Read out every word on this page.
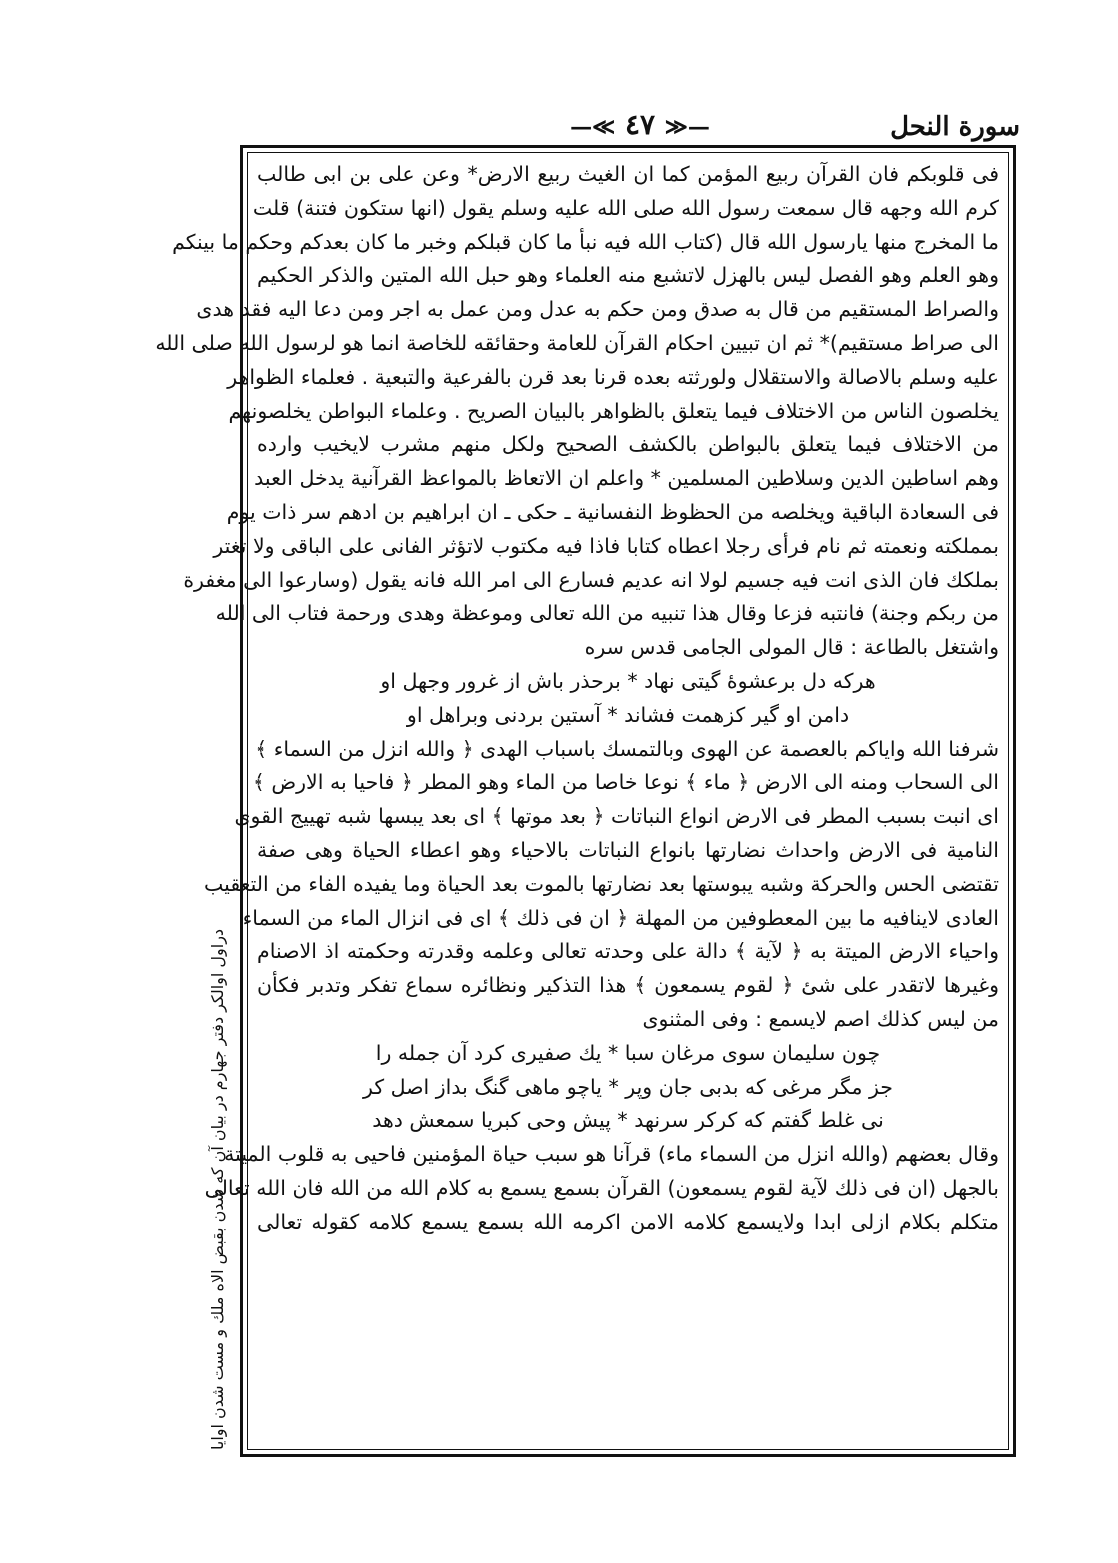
سورة النحل
—≪ ٤٧ ≫—
دراول اوالكر دفتر جهارم در بيان آن كه شدن بقبض الاه ملك و مست شدن اوايا
فى قلوبكم فان القرآن ربيع المؤمن كما ان الغيث ربيع الارض* وعن على بن ابى طالب
كرم الله وجهه قال سمعت رسول الله صلى الله عليه وسلم يقول (انها ستكون فتنة) قلت
ما المخرج منها يارسول الله قال (كتاب الله فيه نبأ ما كان قبلكم وخبر ما كان بعدكم وحكم ما بينكم
وهو العلم وهو الفصل ليس بالهزل لاتشبع منه العلماء وهو حبل الله المتين والذكر الحكيم
والصراط المستقيم من قال به صدق ومن حكم به عدل ومن عمل به اجر ومن دعا اليه فقد هدى
الى صراط مستقيم)* ثم ان تبيين احكام القرآن للعامة وحقائقه للخاصة انما هو لرسول الله صلى الله
عليه وسلم بالاصالة والاستقلال ولورثته بعده قرنا بعد قرن بالفرعية والتبعية . فعلماء الظواهر
يخلصون الناس من الاختلاف فيما يتعلق بالظواهر بالبيان الصريح . وعلماء البواطن يخلصونهم
من الاختلاف فيما يتعلق بالبواطن بالكشف الصحيح ولكل منهم مشرب لايخيب وارده
وهم اساطين الدين وسلاطين المسلمين * واعلم ان الاتعاظ بالمواعظ القرآنية يدخل العبد
فى السعادة الباقية ويخلصه من الحظوظ النفسانية ـ حكى ـ ان ابراهيم بن ادهم سر ذات يوم
بمملكته ونعمته ثم نام فرأى رجلا اعطاه كتابا فاذا فيه مكتوب لاتؤثر الفانى على الباقى ولا تغتر
بملكك فان الذى انت فيه جسيم لولا انه عديم فسارع الى امر الله فانه يقول (وسارعوا الى مغفرة
من ربكم وجنة) فانتبه فزعا وقال هذا تنبيه من الله تعالى وموعظة وهدى ورحمة فتاب الى الله
واشتغل بالطاعة : قال المولى الجامى قدس سره
هركه دل برعشوهٔ گيتى نهاد * برحذر باش از غرور وجهل او
دامن او گير كزهمت فشاند * آستين بردنى وبراهل او
شرفنا الله واياكم بالعصمة عن الهوى وبالتمسك باسباب الهدى ﴿ والله انزل من السماء ﴾
الى السحاب ومنه الى الارض ﴿ ماء ﴾ نوعا خاصا من الماء وهو المطر ﴿ فاحيا به الارض ﴾
اى انبت بسبب المطر فى الارض انواع النباتات ﴿ بعد موتها ﴾ اى بعد يبسها شبه تهييج القوى
النامية فى الارض واحداث نضارتها بانواع النباتات بالاحياء وهو اعطاء الحياة وهى صفة
تقتضى الحس والحركة وشبه يبوستها بعد نضارتها بالموت بعد الحياة وما يفيده الفاء من التعقيب
العادى لاينافيه ما بين المعطوفين من المهلة ﴿ ان فى ذلك ﴾ اى فى انزال الماء من السماء
واحياء الارض الميتة به ﴿ لآية ﴾ دالة على وحدته تعالى وعلمه وقدرته وحكمته اذ الاصنام
وغيرها لاتقدر على شئ ﴿ لقوم يسمعون ﴾ هذا التذكير ونظائره سماع تفكر وتدبر فكأن
من ليس كذلك اصم لايسمع : وفى المثنوى
چون سليمان سوى مرغان سبا * يك صفيرى كرد آن جمله را
جز مگر مرغى كه بدبى جان وپر * ياچو ماهى گنگ بداز اصل كر
نى غلط گفتم كه كركر سرنهد * پيش وحى كبريا سمعش دهد
وقال بعضهم (والله انزل من السماء ماء) قرآنا هو سبب حياة المؤمنين فاحيى به قلوب الميتة
بالجهل (ان فى ذلك لآية لقوم يسمعون) القرآن بسمع يسمع به كلام الله من الله فان الله تعالى
متكلم بكلام ازلى ابدا ولايسمع كلامه الامن اكرمه الله بسمع يسمع كلامه كقوله تعالى
